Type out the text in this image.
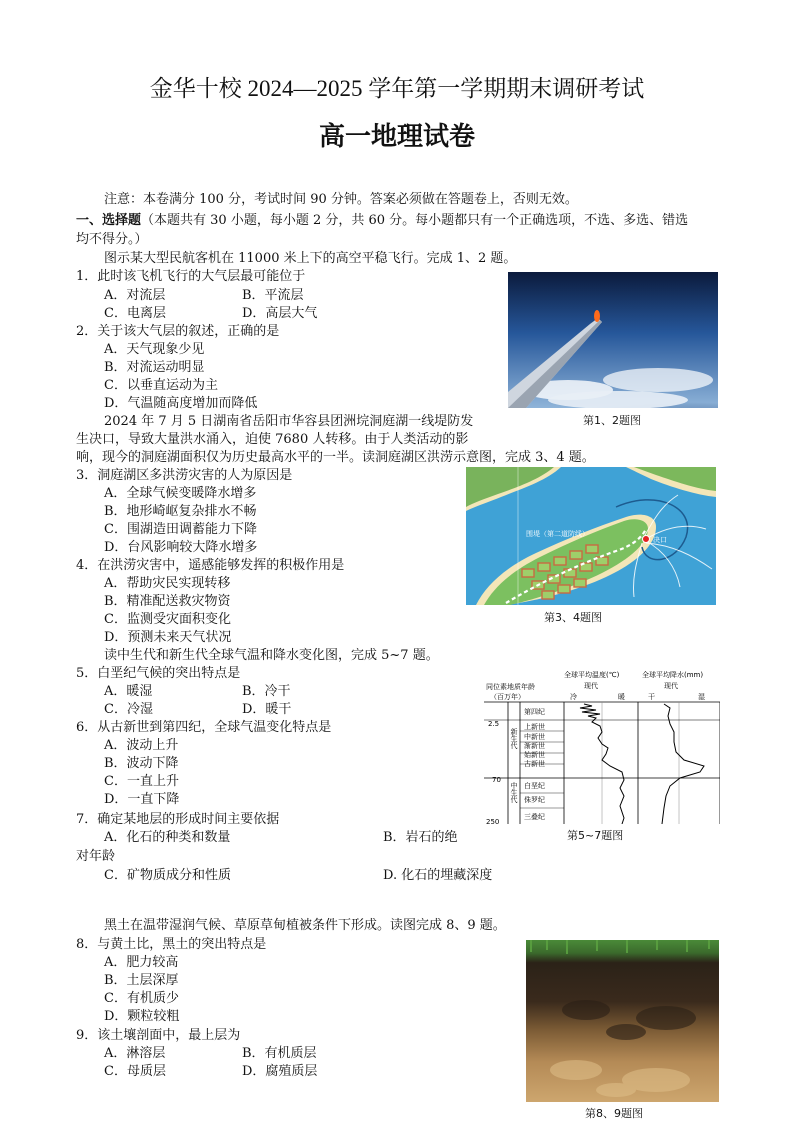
金华十校 2024—2025 学年第一学期期末调研考试
高一地理试卷
注意：本卷满分 100 分，考试时间 90 分钟。答案必须做在答题卷上，否则无效。
一、选择题（本题共有 30 小题，每小题 2 分，共 60 分。每小题都只有一个正确选项，不选、多选、错选
均不得分。）
图示某大型民航客机在 11000 米上下的高空平稳飞行。完成 1、2 题。
1．此时该飞机飞行的大气层最可能位于
A．对流层	B．平流层
C．电离层	D．高层大气
2．关于该大气层的叙述，正确的是
A．天气现象少见
B．对流运动明显
C．以垂直运动为主
D．气温随高度增加而降低
2024 年 7 月 5 日湖南省岳阳市华容县团洲垸洞庭湖一线堤防发
生决口，导致大量洪水涌入，迫使 7680 人转移。由于人类活动的影
响，现今的洞庭湖面积仅为历史最高水平的一半。读洞庭湖区洪涝示意图，完成 3、4 题。
3．洞庭湖区多洪涝灾害的人为原因是
A．全球气候变暖降水增多
B．地形崎岖复杂排水不畅
C．围湖造田调蓄能力下降
D．台风影响较大降水增多
4．在洪涝灾害中，遥感能够发挥的积极作用是
A．帮助灾民实现转移
B．精准配送救灾物资
C．监测受灾面积变化
D．预测未来天气状况
读中生代和新生代全球气温和降水变化图，完成 5~7 题。
5．白垩纪气候的突出特点是
A．暖湿	B．冷干
C．冷湿	D．暖干
6．从古新世到第四纪，全球气温变化特点是
A．波动上升
B．波动下降
C．一直上升
D．一直下降
7．确定某地层的形成时间主要依据
A．化石的种类和数量	B．岩石的绝
对年龄
C．矿物质成分和性质	D. 化石的埋藏深度
黑土在温带湿润气候、草原草甸植被条件下形成。读图完成 8、9 题。
8．与黄土比，黑土的突出特点是
A．肥力较高
B．土层深厚
C．有机质少
D．颗粒较粗
9．该土壤剖面中，最上层为
A．淋溶层	B．有机质层
C．母质层	D．腐殖质层
第1、2题图
围堤（第二道防线）
决口
第3、4题图
全球平均温度(℃)	全球平均降水(mm)
同位素地质年龄
（百万年）
现代	现代
冷	暖	干	湿
2.5
70
250
新生代
中生代
第四纪
上新世
中新世
渐新世
始新世
古新世
白垩纪
侏罗纪
三叠纪
第5~7题图
第8、9题图
